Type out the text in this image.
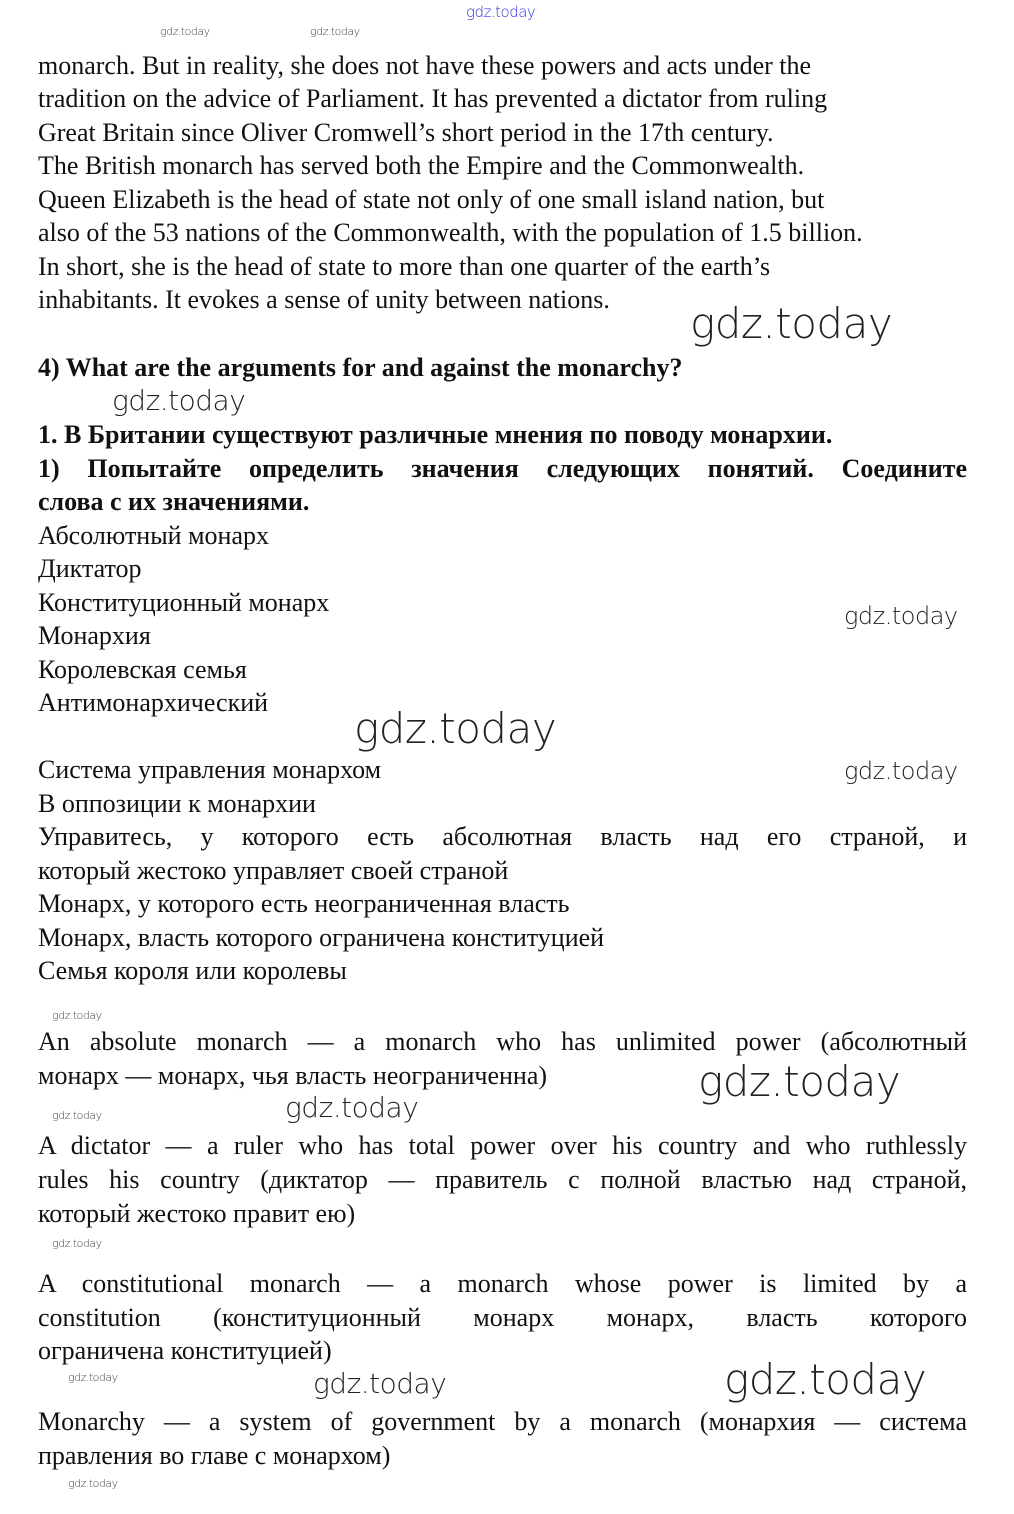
gdz.today
gdz.today	gdz.today
monarch. But in reality, she does not have these powers and acts under the
tradition on the advice of Parliament. It has prevented a dictator from ruling
Great Britain since Oliver Cromwell’s short period in the 17th century.
The British monarch has served both the Empire and the Commonwealth.
Queen Elizabeth is the head of state not only of one small island nation, but
also of the 53 nations of the Commonwealth, with the population of 1.5 billion.
In short, she is the head of state to more than one quarter of the earth’s
inhabitants. It evokes a sense of unity between nations. gdz.today
4) What are the arguments for and against the monarchy?
gdz.today
1. В Британии существуют различные мнения по поводу монархии.
1) Попытайте определить значения следующих понятий. Соедините
слова с их значениями.
Абсолютный монарх
Диктатор
Конституционный монарх
Монархия
Королевская семья
Антимонархический
gdz.today
gdz.today
Система управления монархом	gdz.today
В оппозиции к монархии
Управитесь, у которого есть абсолютная власть над его страной, и
который жестоко управляет своей страной
Монарх, у которого есть неограниченная власть
Монарх, власть которого ограничена конституцией
Семья короля или королевы
gdz.today
An absolute monarch — a monarch who has unlimited power (абсолютный
монарх — монарх, чья власть неограниченна)	gdz.today
gdz.today
gdz.today
A dictator — a ruler who has total power over his country and who ruthlessly
rules his country (диктатор — правитель с полной властью над страной,
который жестоко правит ею)
gdz.today
A constitutional monarch — a monarch whose power is limited by a
constitution (конституционный монарх монарх, власть которого
ограничена конституцией)
gdz.today	gdz.today	gdz.today
Monarchy — a system of government by a monarch (монархия — система
правления во главе с монархом)
gdz.today
